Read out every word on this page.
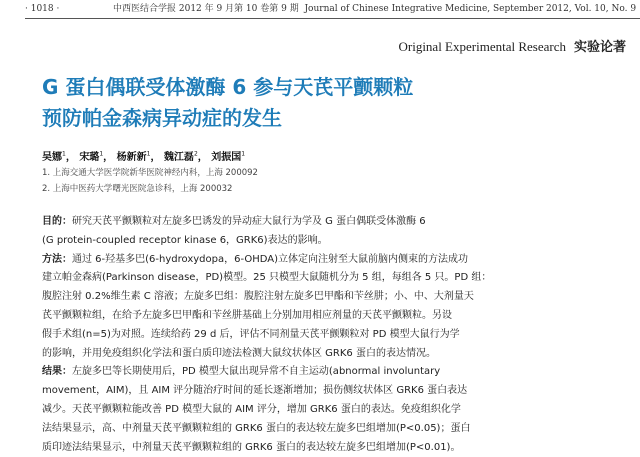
· 1018 ·	中西医结合学报 2012 年 9 月第 10 卷第 9 期 Journal of Chinese Integrative Medicine, September 2012, Vol. 10, No. 9
Original Experimental Research 实验论著
G 蛋白偶联受体激酶 6 参与天芪平颤颗粒
预防帕金森病异动症的发生
吴娜$^1$， 宋璐$^1$， 杨新新$^1$， 魏江磊$^2$， 刘振国$^1$
1. 上海交通大学医学院新华医院神经内科，上海 200092
2. 上海中医药大学曙光医院急诊科，上海 200032

目的：研究天芪平颤颗粒对左旋多巴诱发的异动症大鼠行为学及 G 蛋白偶联受体激酶 6

(G protein-coupled receptor kinase 6，GRK6)表达的影响。

方法：通过 6-羟基多巴(6-hydroxydopa，6-OHDA)立体定向注射至大鼠前脑内侧束的方法成功

建立帕金森病(Parkinson disease，PD)模型。25 只模型大鼠随机分为 5 组，每组各 5 只。PD 组：

腹腔注射 0.2%维生素 C 溶液；左旋多巴组：腹腔注射左旋多巴甲酯和苄丝肼；小、中、大剂量天

芪平颤颗粒组，在给予左旋多巴甲酯和苄丝肼基础上分别加用相应剂量的天芪平颤颗粒。另设

假手术组(n=5)为对照。连续给药 29 d 后，评估不同剂量天芪平颤颗粒对 PD 模型大鼠行为学

的影响，并用免疫组织化学法和蛋白质印迹法检测大鼠纹状体区 GRK6 蛋白的表达情况。

结果：左旋多巴等长期使用后，PD 模型大鼠出现异常不自主运动(abnormal involuntary

movement，AIM)，且 AIM 评分随治疗时间的延长逐渐增加；损伤侧纹状体区 GRK6 蛋白表达

减少。天芪平颤颗粒能改善 PD 模型大鼠的 AIM 评分，增加 GRK6 蛋白的表达。免疫组织化学

法结果显示，高、中剂量天芪平颤颗粒组的 GRK6 蛋白的表达较左旋多巴组增加(P<0.05)；蛋白

质印迹法结果显示，中剂量天芪平颤颗粒组的 GRK6 蛋白的表达较左旋多巴组增加(P<0.01)。
